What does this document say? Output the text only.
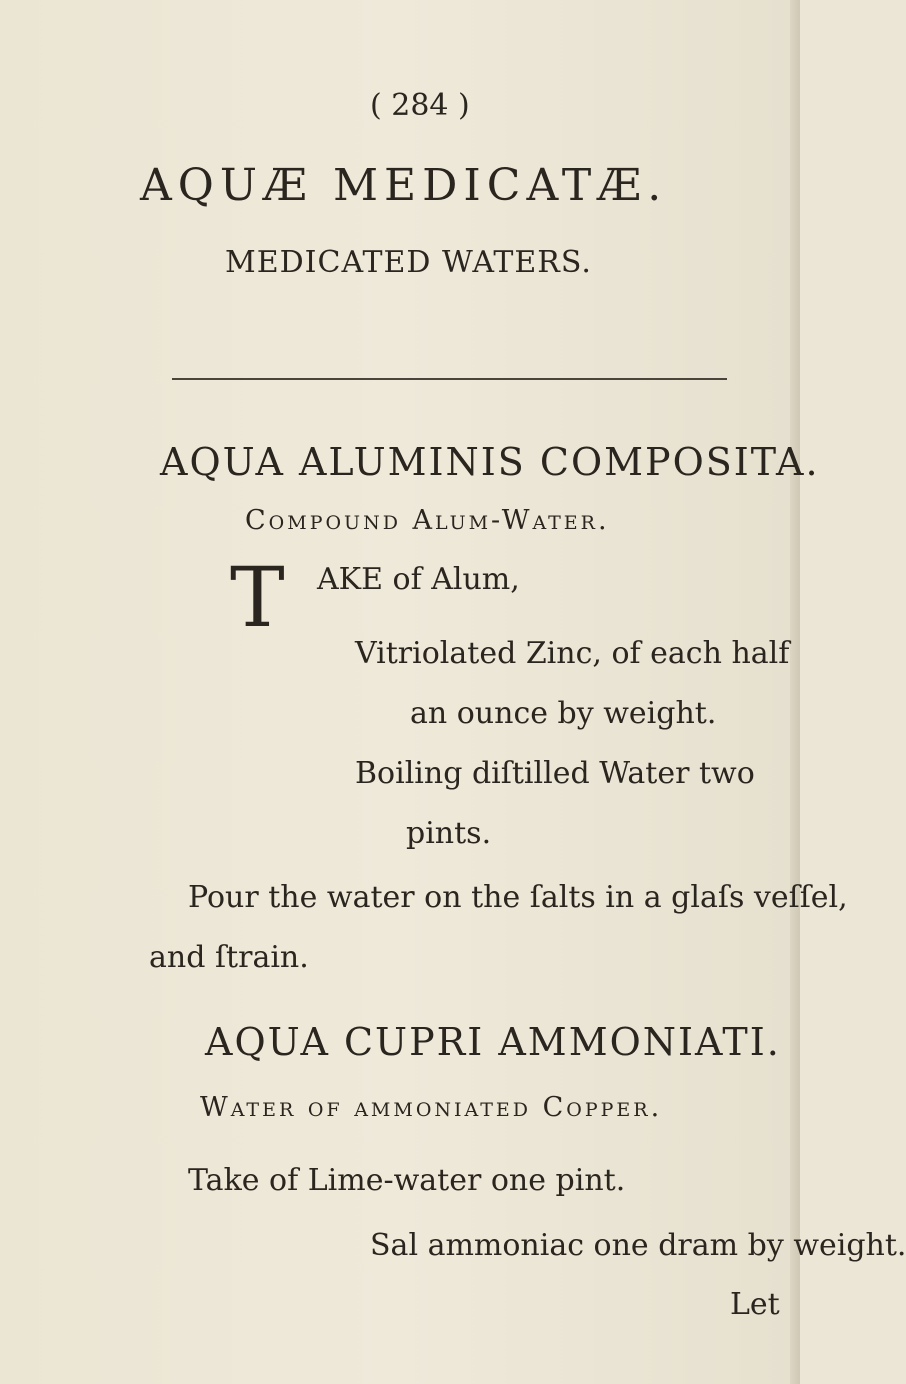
( 284 )
AQUÆ MEDICATÆ.
MEDICATED WATERS.
AQUA ALUMINIS COMPOSITA.
Compound Alum-Water.
T AKE of Alum,
Vitriolated Zinc, of each half
an ounce by weight.
Boiling diſtilled Water two
pints.
Pour the water on the ſalts in a glaſs veſſel,
and ſtrain.
AQUA CUPRI AMMONIATI.
Water of ammoniated Copper.
Take of Lime-water one pint.
Sal ammoniac one dram by weight.
Let
